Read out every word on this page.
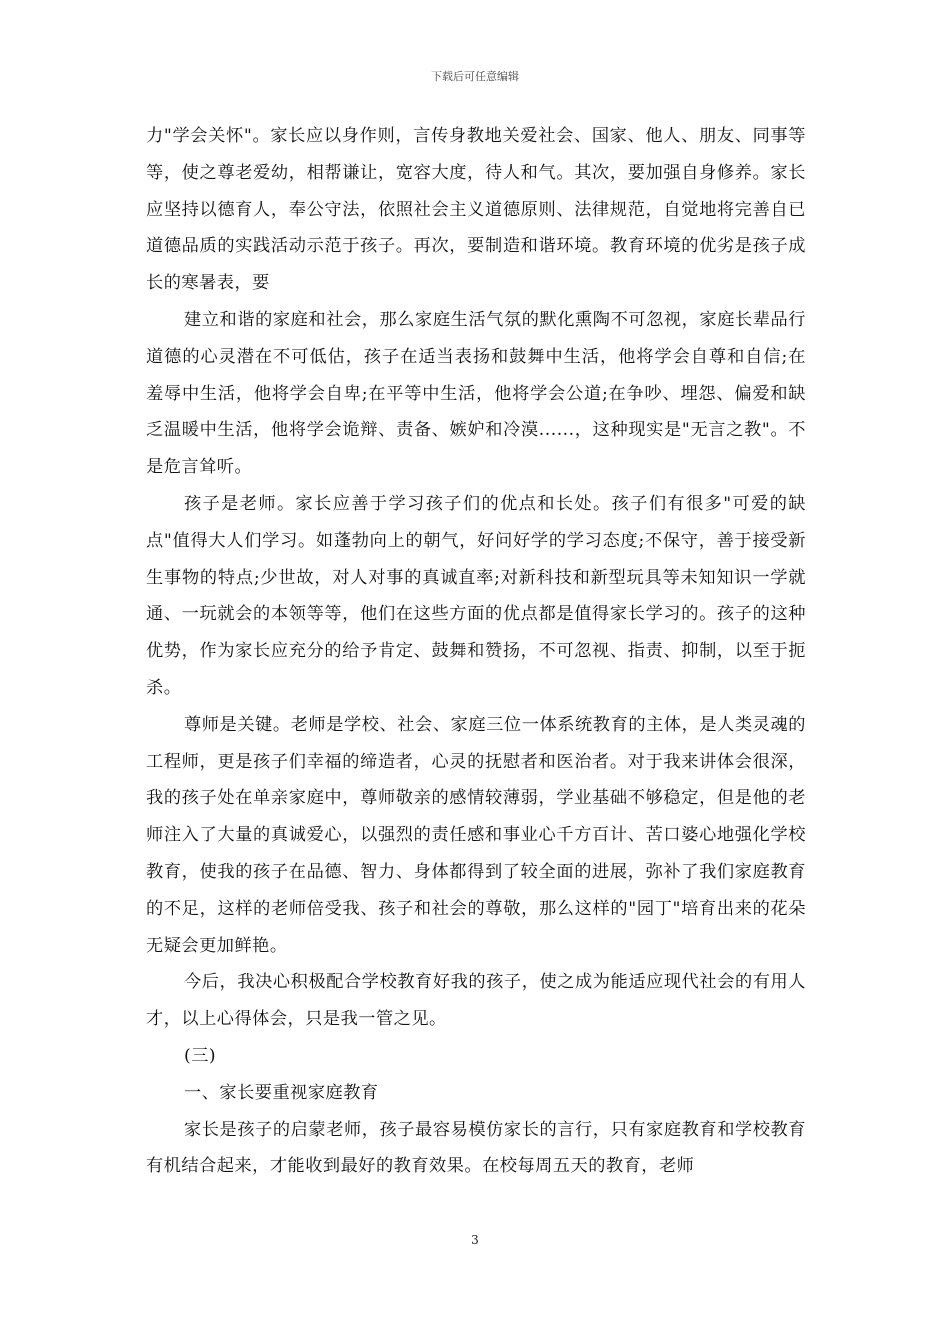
下载后可任意编辑

力"学会关怀"。家长应以身作则，言传身教地关爱社会、国家、他人、朋友、同事等等，使之尊老爱幼，相帮谦让，宽容大度，待人和气。其次，要加强自身修养。家长应坚持以德育人，奉公守法，依照社会主义道德原则、法律规范，自觉地将完善自已道德品质的实践活动示范于孩子。再次，要制造和谐环境。教育环境的优劣是孩子成长的寒暑表，要

建立和谐的家庭和社会，那么家庭生活气氛的默化熏陶不可忽视，家庭长辈品行道德的心灵潜在不可低估，孩子在适当表扬和鼓舞中生活，他将学会自尊和自信;在羞辱中生活，他将学会自卑;在平等中生活，他将学会公道;在争吵、埋怨、偏爱和缺乏温暖中生活，他将学会诡辩、责备、嫉妒和冷漠......，这种现实是"无言之教"。不是危言耸听。

孩子是老师。家长应善于学习孩子们的优点和长处。孩子们有很多"可爱的缺点"值得大人们学习。如蓬勃向上的朝气，好问好学的学习态度;不保守，善于接受新生事物的特点;少世故，对人对事的真诚直率;对新科技和新型玩具等未知知识一学就通、一玩就会的本领等等，他们在这些方面的优点都是值得家长学习的。孩子的这种优势，作为家长应充分的给予肯定、鼓舞和赞扬，不可忽视、指责、抑制，以至于扼杀。

尊师是关键。老师是学校、社会、家庭三位一体系统教育的主体，是人类灵魂的工程师，更是孩子们幸福的缔造者，心灵的抚慰者和医治者。对于我来讲体会很深，我的孩子处在单亲家庭中，尊师敬亲的感情较薄弱，学业基础不够稳定，但是他的老师注入了大量的真诚爱心，以强烈的责任感和事业心千方百计、苦口婆心地强化学校教育，使我的孩子在品德、智力、身体都得到了较全面的进展，弥补了我们家庭教育的不足，这样的老师倍受我、孩子和社会的尊敬，那么这样的"园丁"培育出来的花朵无疑会更加鲜艳。

今后，我决心积极配合学校教育好我的孩子，使之成为能适应现代社会的有用人才，以上心得体会，只是我一管之见。

(三)

一、家长要重视家庭教育

家长是孩子的启蒙老师，孩子最容易模仿家长的言行，只有家庭教育和学校教育有机结合起来，才能收到最好的教育效果。在校每周五天的教育，老师

3
